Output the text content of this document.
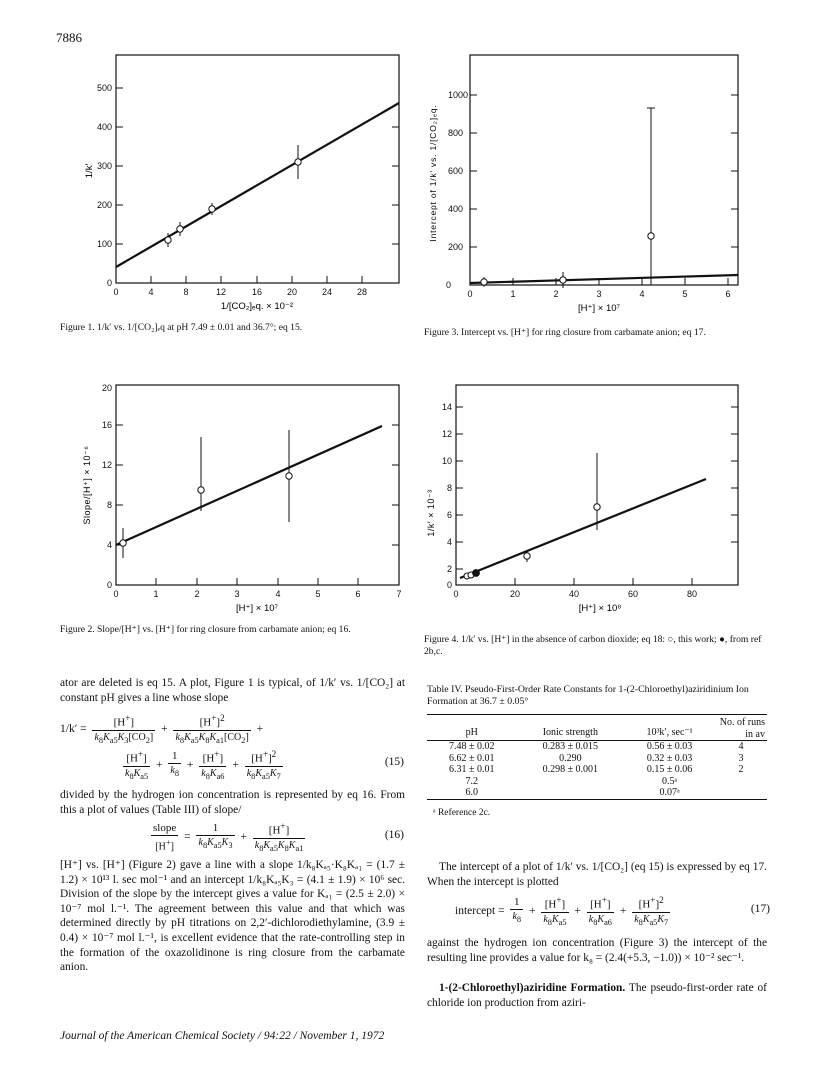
7886
0	4	8	12	16	20	24	28
0
100
200
300
400
500
1/[CO₂]ₑq. × 10⁻²
1/k′
Figure 1. 1/k′ vs. 1/[CO₂]ₑq at pH 7.49 ± 0.01 and 36.7°; eq 15.
0	1	2	3	4	5	6
0
200
400
600
800
1000
[H⁺] × 10⁷
Intercept of 1/k′ vs. 1/[CO₂]ₑq.
Figure 3. Intercept vs. [H⁺] for ring closure from carbamate anion; eq 17.
0	1	2	3	4	5	6	7
0
4
8
12
16
20
[H⁺] × 10⁷
Slope/[H⁺] × 10⁻⁶
Figure 2. Slope/[H⁺] vs. [H⁺] for ring closure from carbamate anion; eq 16.
0	20	40	60	80
0
2
4
6
8
10
12
14
[H⁺] × 10⁸
1/k′ × 10⁻³
Figure 4. 1/k′ vs. [H⁺] in the absence of carbon dioxide; eq 18: ○, this work; ●, from ref 2b,c.
ator are deleted is eq 15. A plot, Figure 1 is typical, of 1/k′ vs. 1/[CO₂] at constant pH gives a line whose slope
$1/k' = \frac{[H^+]}{k_8K_{a5}K_3[CO_2]} + \frac{[H^+]^2}{k_8K_{a5}K_8K_{a1}[CO_2]}$ +
$\frac{[H^+]}{k_8K_{a5}} + \frac{1}{k_8} + \frac{[H^+]}{k_8K_{a6}} + \frac{[H^+]^2}{k_8K_{a5}K_7}$	(15)
divided by the hydrogen ion concentration is represented by eq 16. From this a plot of values (Table III) of slope/
$\frac{\text{slope}}{[H^+]} = \frac{1}{k_8K_{a5}K_3} + \frac{[H^+]}{k_8K_{a5}K_8K_{a1}}$	(16)
[H⁺] vs. [H⁺] (Figure 2) gave a line with a slope 1/k₈Kₐ₅·K₈Kₐ₁ = (1.7 ± 1.2) × 10¹³ l. sec mol⁻¹ and an intercept 1/k₈Kₐ₅K₃ = (4.1 ± 1.9) × 10⁶ sec. Division of the slope by the intercept gives a value for Kₐ₁ = (2.5 ± 2.0) × 10⁻⁷ mol l.⁻¹. The agreement between this value and that which was determined directly by pH titrations on 2,2′-dichlorodiethylamine, (3.9 ± 0.4) × 10⁻⁷ mol l.⁻¹, is excellent evidence that the rate-controlling step in the formation of the oxazolidinone is ring closure from the carbamate anion.
Table IV. Pseudo-First-Order Rate Constants for 1-(2-Chloroethyl)aziridinium Ion Formation at 36.7 ± 0.05°
pH	Ionic strength	10³k′, sec⁻¹	No. of runs in av
7.48 ± 0.02	0.283 ± 0.015	0.56 ± 0.03	4
6.62 ± 0.01	0.290	0.32 ± 0.03	3
6.31 ± 0.01	0.298 ± 0.001	0.15 ± 0.06	2
7.2		0.5ᵃ	
6.0		0.07ᵃ	
ᵃ Reference 2c.
The intercept of a plot of 1/k′ vs. 1/[CO₂] (eq 15) is expressed by eq 17. When the intercept is plotted
intercept = $\frac{1}{k_8} + \frac{[H^+]}{k_8K_{a5}} + \frac{[H^+]}{k_8K_{a6}} + \frac{[H^+]^2}{k_8K_{a5}K_7}$	(17)
against the hydrogen ion concentration (Figure 3) the intercept of the resulting line provides a value for k₈ = (2.4(+5.3, −1.0)) × 10⁻² sec⁻¹.
1-(2-Chloroethyl)aziridine Formation. The pseudo-first-order rate of chloride ion production from aziri-
Journal of the American Chemical Society / 94:22 / November 1, 1972
